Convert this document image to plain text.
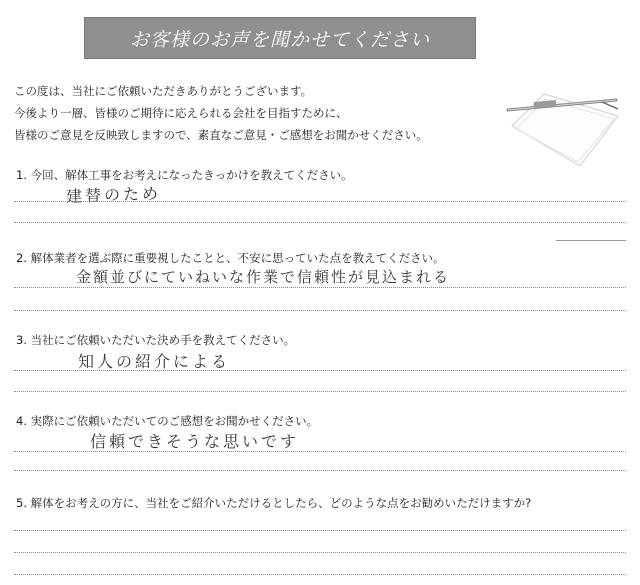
お客様のお声を聞かせてください
この度は、当社にご依頼いただきありがとうございます。
今後より一層、皆様のご期待に応えられる会社を目指すために、
皆様のご意見を反映致しますので、素直なご意見・ご感想をお聞かせください。
1. 今回、解体工事をお考えになったきっかけを教えてください。
建替のため
2. 解体業者を選ぶ際に重要視したことと、不安に思っていた点を教えてください。
金額並びにていねいな作業で信頼性が見込まれる
3. 当社にご依頼いただいた決め手を教えてください。
知人の紹介による
4. 実際にご依頼いただいてのご感想をお聞かせください。
信頼できそうな思いです
5. 解体をお考えの方に、当社をご紹介いただけるとしたら、どのような点をお勧めいただけますか?
